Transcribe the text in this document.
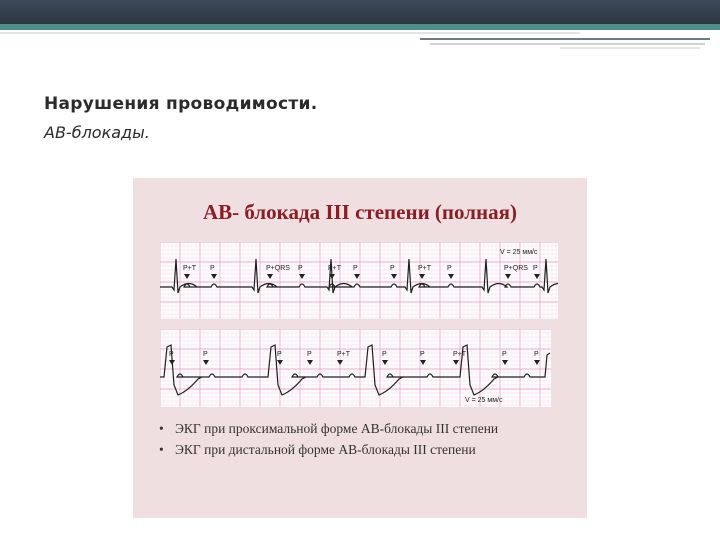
Нарушения проводимости.

АВ-блокады.

АВ- блокада III степени (полная)
P+T P	P+QRS P	P+T P	P	P+T P	P+QRS P
V = 25 мм/с
P	P	P	P	P+T	P	P	P+T	P	P
V = 25 мм/с
• ЭКГ при проксимальной форме АВ-блокады III степени
• ЭКГ при дистальной форме АВ-блокады III степени
